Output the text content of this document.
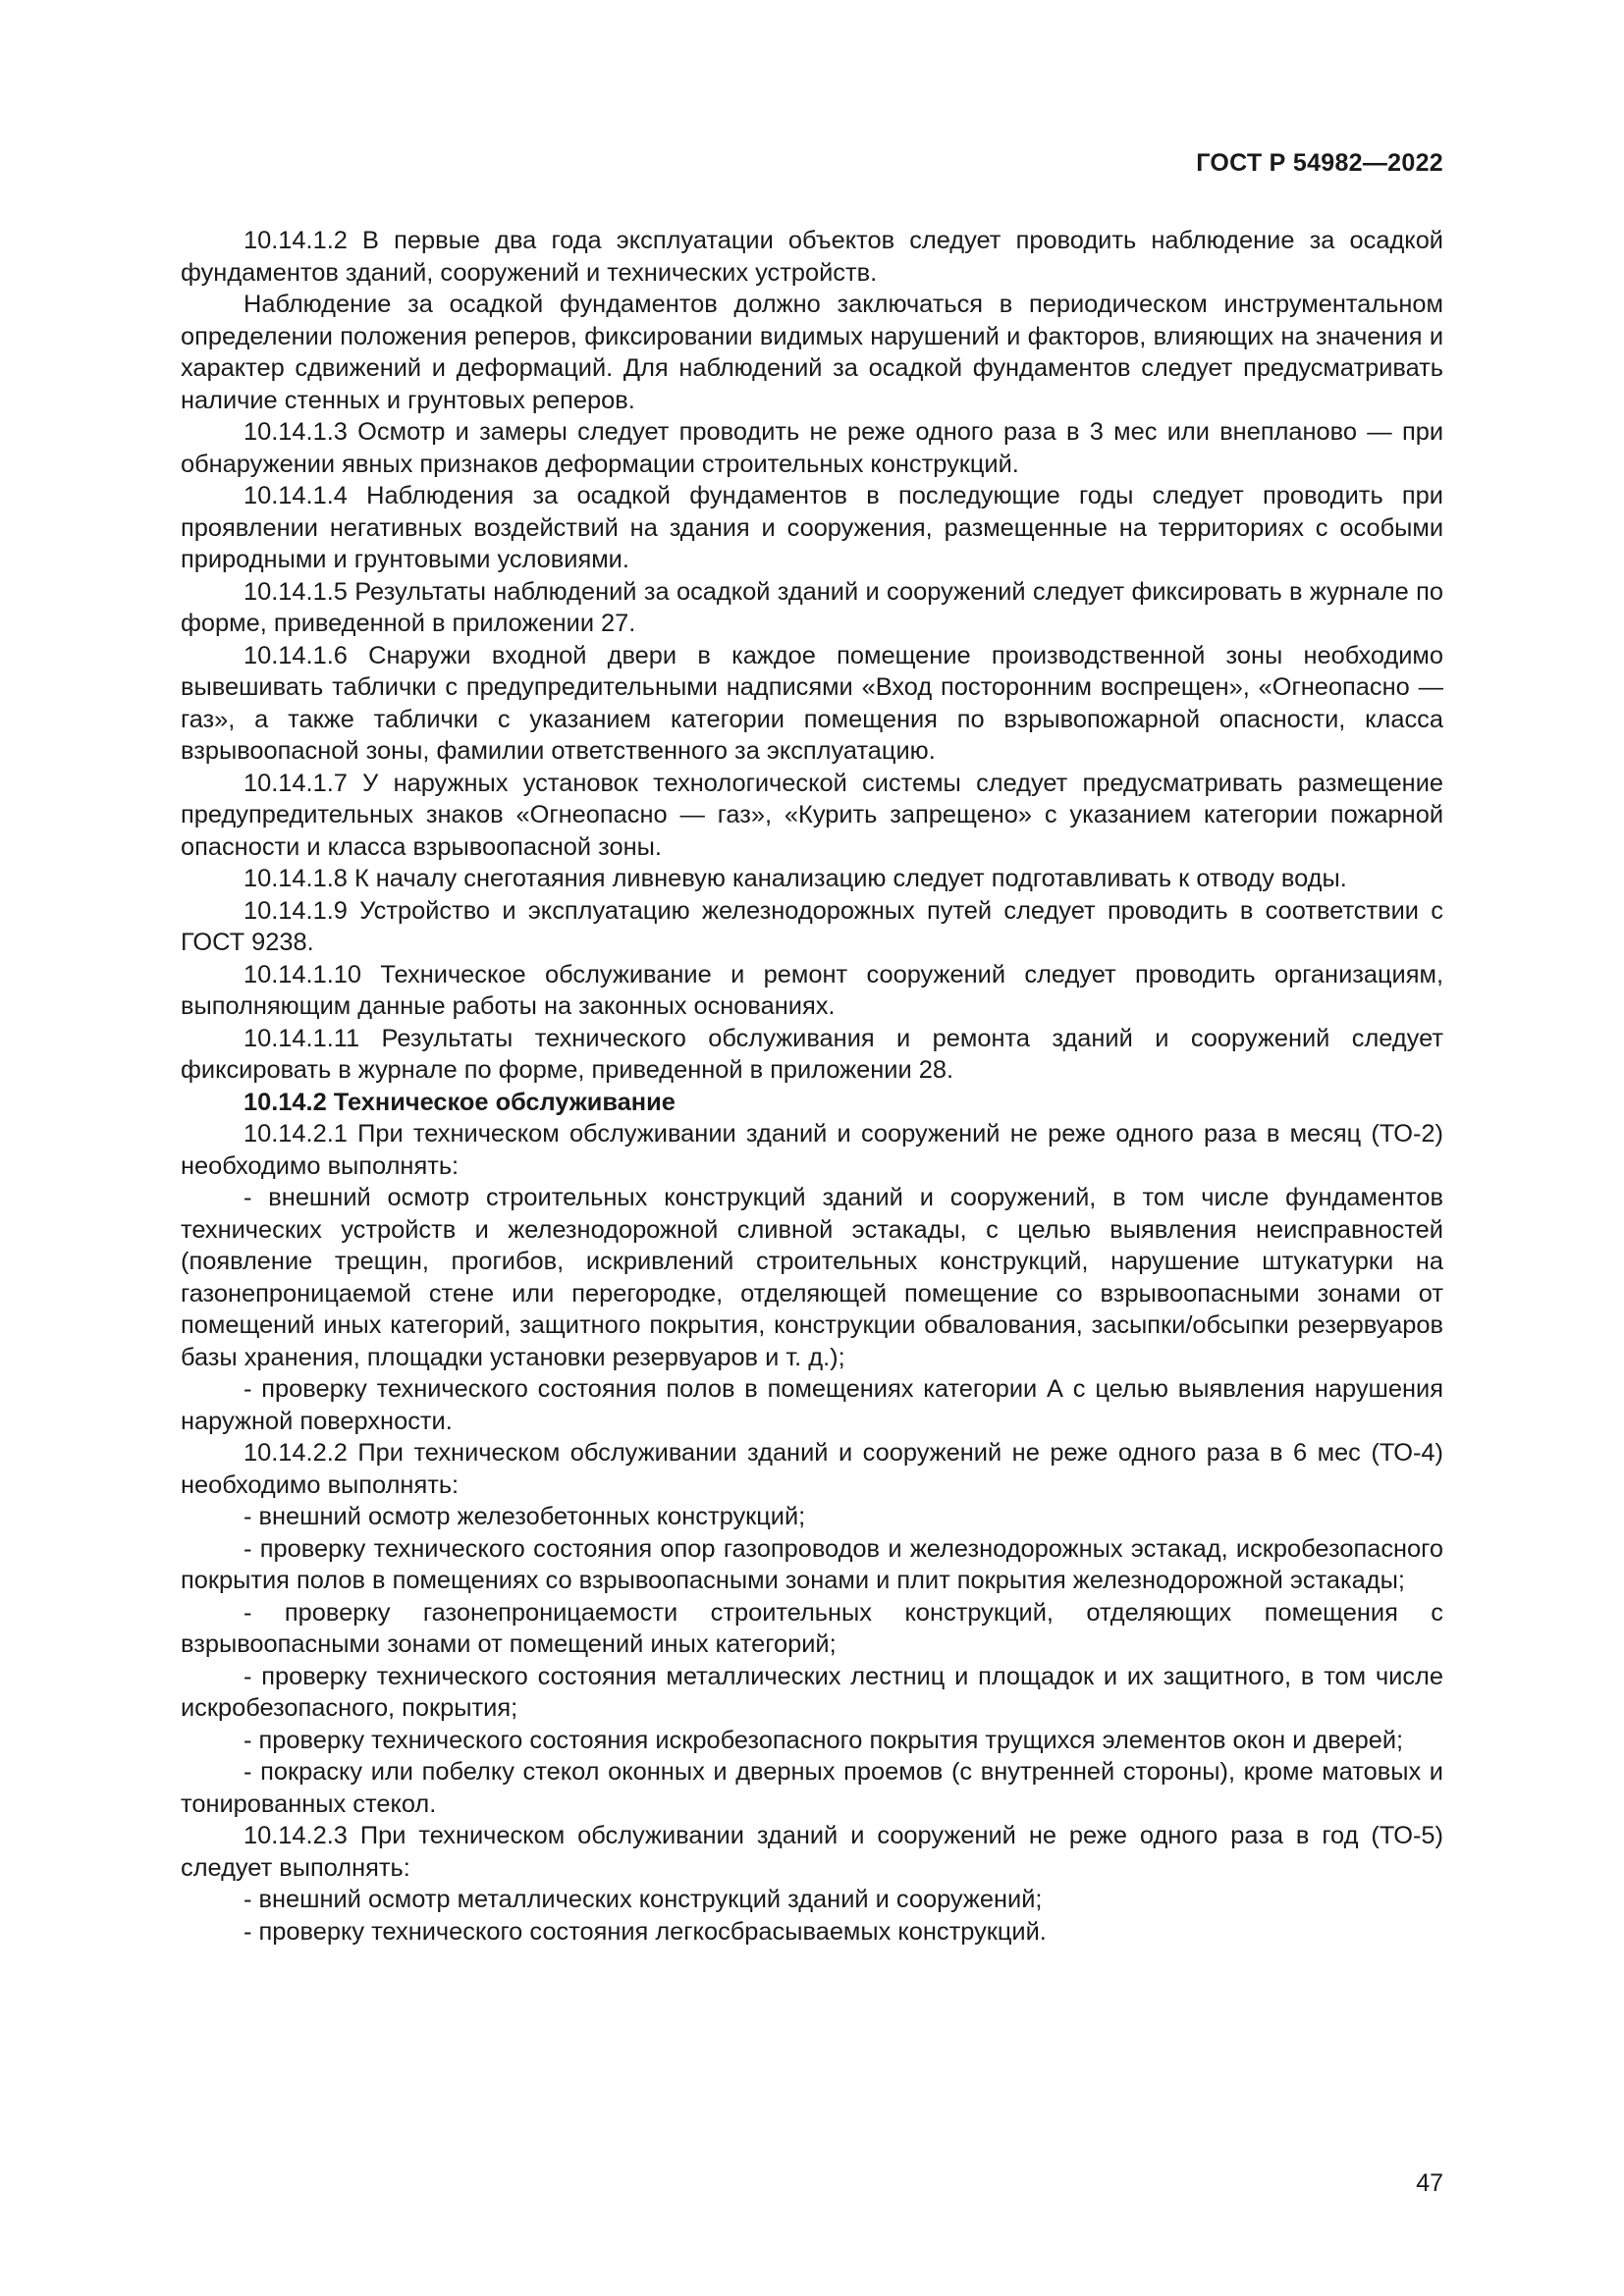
ГОСТ Р 54982—2022

10.14.1.2 В первые два года эксплуатации объектов следует проводить наблюдение за осадкой фундаментов зданий, сооружений и технических устройств.

Наблюдение за осадкой фундаментов должно заключаться в периодическом инструментальном определении положения реперов, фиксировании видимых нарушений и факторов, влияющих на значения и характер сдвижений и деформаций. Для наблюдений за осадкой фундаментов следует предусматривать наличие стенных и грунтовых реперов.

10.14.1.3 Осмотр и замеры следует проводить не реже одного раза в 3 мес или внепланово — при обнаружении явных признаков деформации строительных конструкций.

10.14.1.4 Наблюдения за осадкой фундаментов в последующие годы следует проводить при проявлении негативных воздействий на здания и сооружения, размещенные на территориях с особыми природными и грунтовыми условиями.

10.14.1.5 Результаты наблюдений за осадкой зданий и сооружений следует фиксировать в журнале по форме, приведенной в приложении 27.

10.14.1.6 Снаружи входной двери в каждое помещение производственной зоны необходимо вывешивать таблички с предупредительными надписями «Вход посторонним воспрещен», «Огнеопасно — газ», а также таблички с указанием категории помещения по взрывопожарной опасности, класса взрывоопасной зоны, фамилии ответственного за эксплуатацию.

10.14.1.7 У наружных установок технологической системы следует предусматривать размещение предупредительных знаков «Огнеопасно — газ», «Курить запрещено» с указанием категории пожарной опасности и класса взрывоопасной зоны.

10.14.1.8 К началу снеготаяния ливневую канализацию следует подготавливать к отводу воды.

10.14.1.9 Устройство и эксплуатацию железнодорожных путей следует проводить в соответствии с ГОСТ 9238.

10.14.1.10 Техническое обслуживание и ремонт сооружений следует проводить организациям, выполняющим данные работы на законных основаниях.

10.14.1.11 Результаты технического обслуживания и ремонта зданий и сооружений следует фиксировать в журнале по форме, приведенной в приложении 28.

10.14.2 Техническое обслуживание

10.14.2.1 При техническом обслуживании зданий и сооружений не реже одного раза в месяц (ТО-2) необходимо выполнять:

- внешний осмотр строительных конструкций зданий и сооружений, в том числе фундаментов технических устройств и железнодорожной сливной эстакады, с целью выявления неисправностей (появление трещин, прогибов, искривлений строительных конструкций, нарушение штукатурки на газонепроницаемой стене или перегородке, отделяющей помещение со взрывоопасными зонами от помещений иных категорий, защитного покрытия, конструкции обвалования, засыпки/обсыпки резервуаров базы хранения, площадки установки резервуаров и т. д.);

- проверку технического состояния полов в помещениях категории А с целью выявления нарушения наружной поверхности.

10.14.2.2 При техническом обслуживании зданий и сооружений не реже одного раза в 6 мес (ТО-4) необходимо выполнять:

- внешний осмотр железобетонных конструкций;

- проверку технического состояния опор газопроводов и железнодорожных эстакад, искробезопасного покрытия полов в помещениях со взрывоопасными зонами и плит покрытия железнодорожной эстакады;

- проверку газонепроницаемости строительных конструкций, отделяющих помещения с взрывоопасными зонами от помещений иных категорий;

- проверку технического состояния металлических лестниц и площадок и их защитного, в том числе искробезопасного, покрытия;

- проверку технического состояния искробезопасного покрытия трущихся элементов окон и дверей;

- покраску или побелку стекол оконных и дверных проемов (с внутренней стороны), кроме матовых и тонированных стекол.

10.14.2.3 При техническом обслуживании зданий и сооружений не реже одного раза в год (ТО-5) следует выполнять:

- внешний осмотр металлических конструкций зданий и сооружений;

- проверку технического состояния легкосбрасываемых конструкций.

47
